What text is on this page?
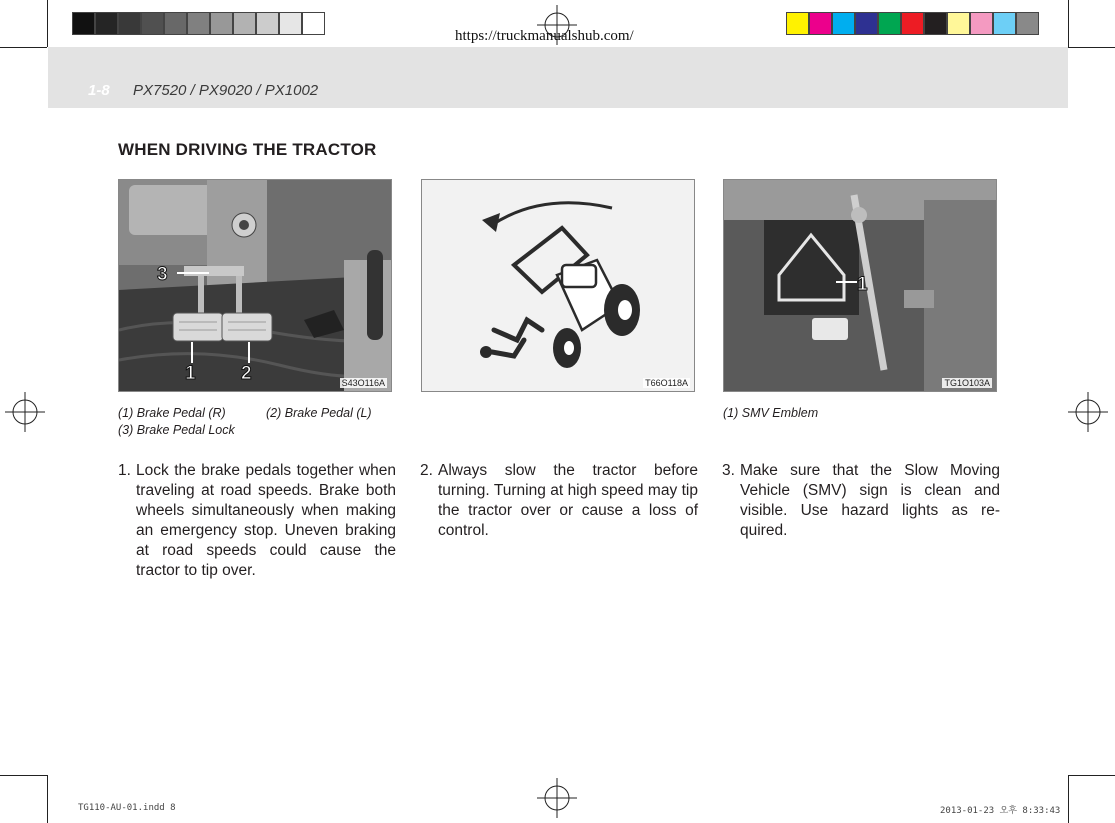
https://truckmanualshub.com/
1-8 PX7520 / PX9020 / PX1002
WHEN DRIVING THE TRACTOR
3
1 2	S43O116A	T66O118A
1
TG1O103A
(1) Brake Pedal (R)	(2) Brake Pedal (L)
(3) Brake Pedal Lock
(1) SMV Emblem
1. Lock the brake pedals together when traveling at road speeds. Brake both wheels simultaneously when making an emergency stop. Uneven braking at road speeds could cause the tractor to tip over.
2. Always slow the tractor before turning. Turning at high speed may tip the tractor over or cause a loss of control.
3. Make sure that the Slow Moving Vehicle (SMV) sign is clean and visible. Use hazard lights as re-quired.
TG110-AU-01.indd 8	2013-01-23 오후 8:33:43
